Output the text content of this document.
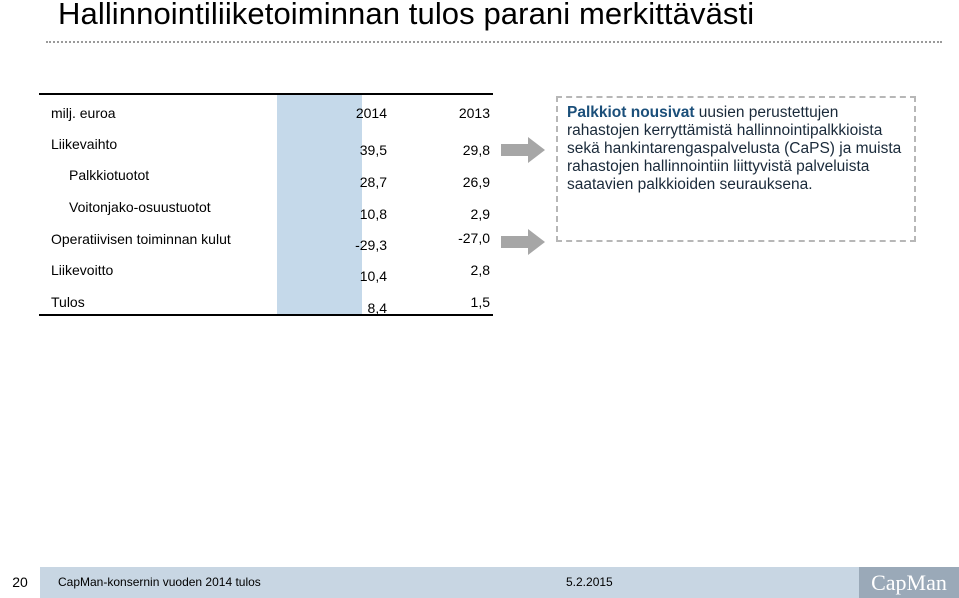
Hallinnointiliiketoiminnan tulos parani merkittävästi
milj. euroa	2014	2013
Liikevaihto	39,5	29,8
Palkkiotuotot	28,7	26,9
Voitonjako-osuustuotot	10,8	2,9
Operatiivisen toiminnan kulut	-29,3	-27,0
Liikevoitto	10,4	2,8
Tulos	8,4	1,5
Palkkiot nousivat uusien perustettujen rahastojen kerryttämistä hallinnointipalkkioista sekä hankintarengaspalvelusta (CaPS) ja muista rahastojen hallinnointiin liittyvistä palveluista saatavien palkkioiden seurauksena.
20	CapMan-konsernin vuoden 2014 tulos	5.2.2015	CapMan
